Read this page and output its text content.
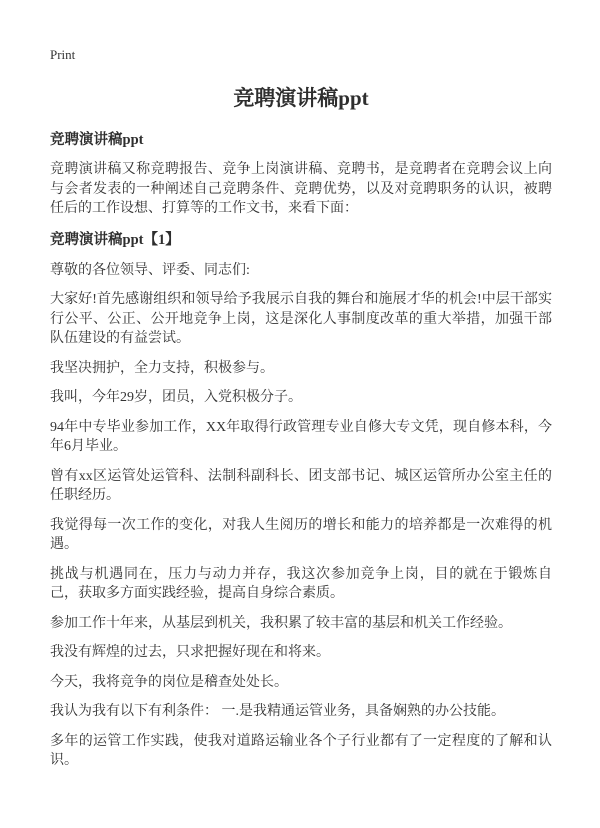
Print
竞聘演讲稿ppt
竞聘演讲稿ppt

竞聘演讲稿又称竞聘报告、竞争上岗演讲稿、竞聘书，是竞聘者在竞聘会议上向与会者发表的一种阐述自己竞聘条件、竞聘优势，以及对竞聘职务的认识，被聘任后的工作设想、打算等的工作文书，来看下面：

竞聘演讲稿ppt【1】

尊敬的各位领导、评委、同志们:

大家好!首先感谢组织和领导给予我展示自我的舞台和施展才华的机会!中层干部实行公平、公正、公开地竞争上岗，这是深化人事制度改革的重大举措，加强干部队伍建设的有益尝试。

我坚决拥护，全力支持，积极参与。

我叫，今年29岁，团员，入党积极分子。

94年中专毕业参加工作，XX年取得行政管理专业自修大专文凭，现自修本科，今年6月毕业。

曾有xx区运管处运管科、法制科副科长、团支部书记、城区运管所办公室主任的任职经历。

我觉得每一次工作的变化，对我人生阅历的增长和能力的培养都是一次难得的机遇。

挑战与机遇同在，压力与动力并存，我这次参加竞争上岗，目的就在于锻炼自己，获取多方面实践经验，提高自身综合素质。

参加工作十年来，从基层到机关，我积累了较丰富的基层和机关工作经验。

我没有辉煌的过去，只求把握好现在和将来。

今天，我将竞争的岗位是稽查处处长。

我认为我有以下有利条件： 一.是我精通运管业务，具备娴熟的办公技能。

多年的运管工作实践，使我对道路运输业各个子行业都有了一定程度的了解和认识。
